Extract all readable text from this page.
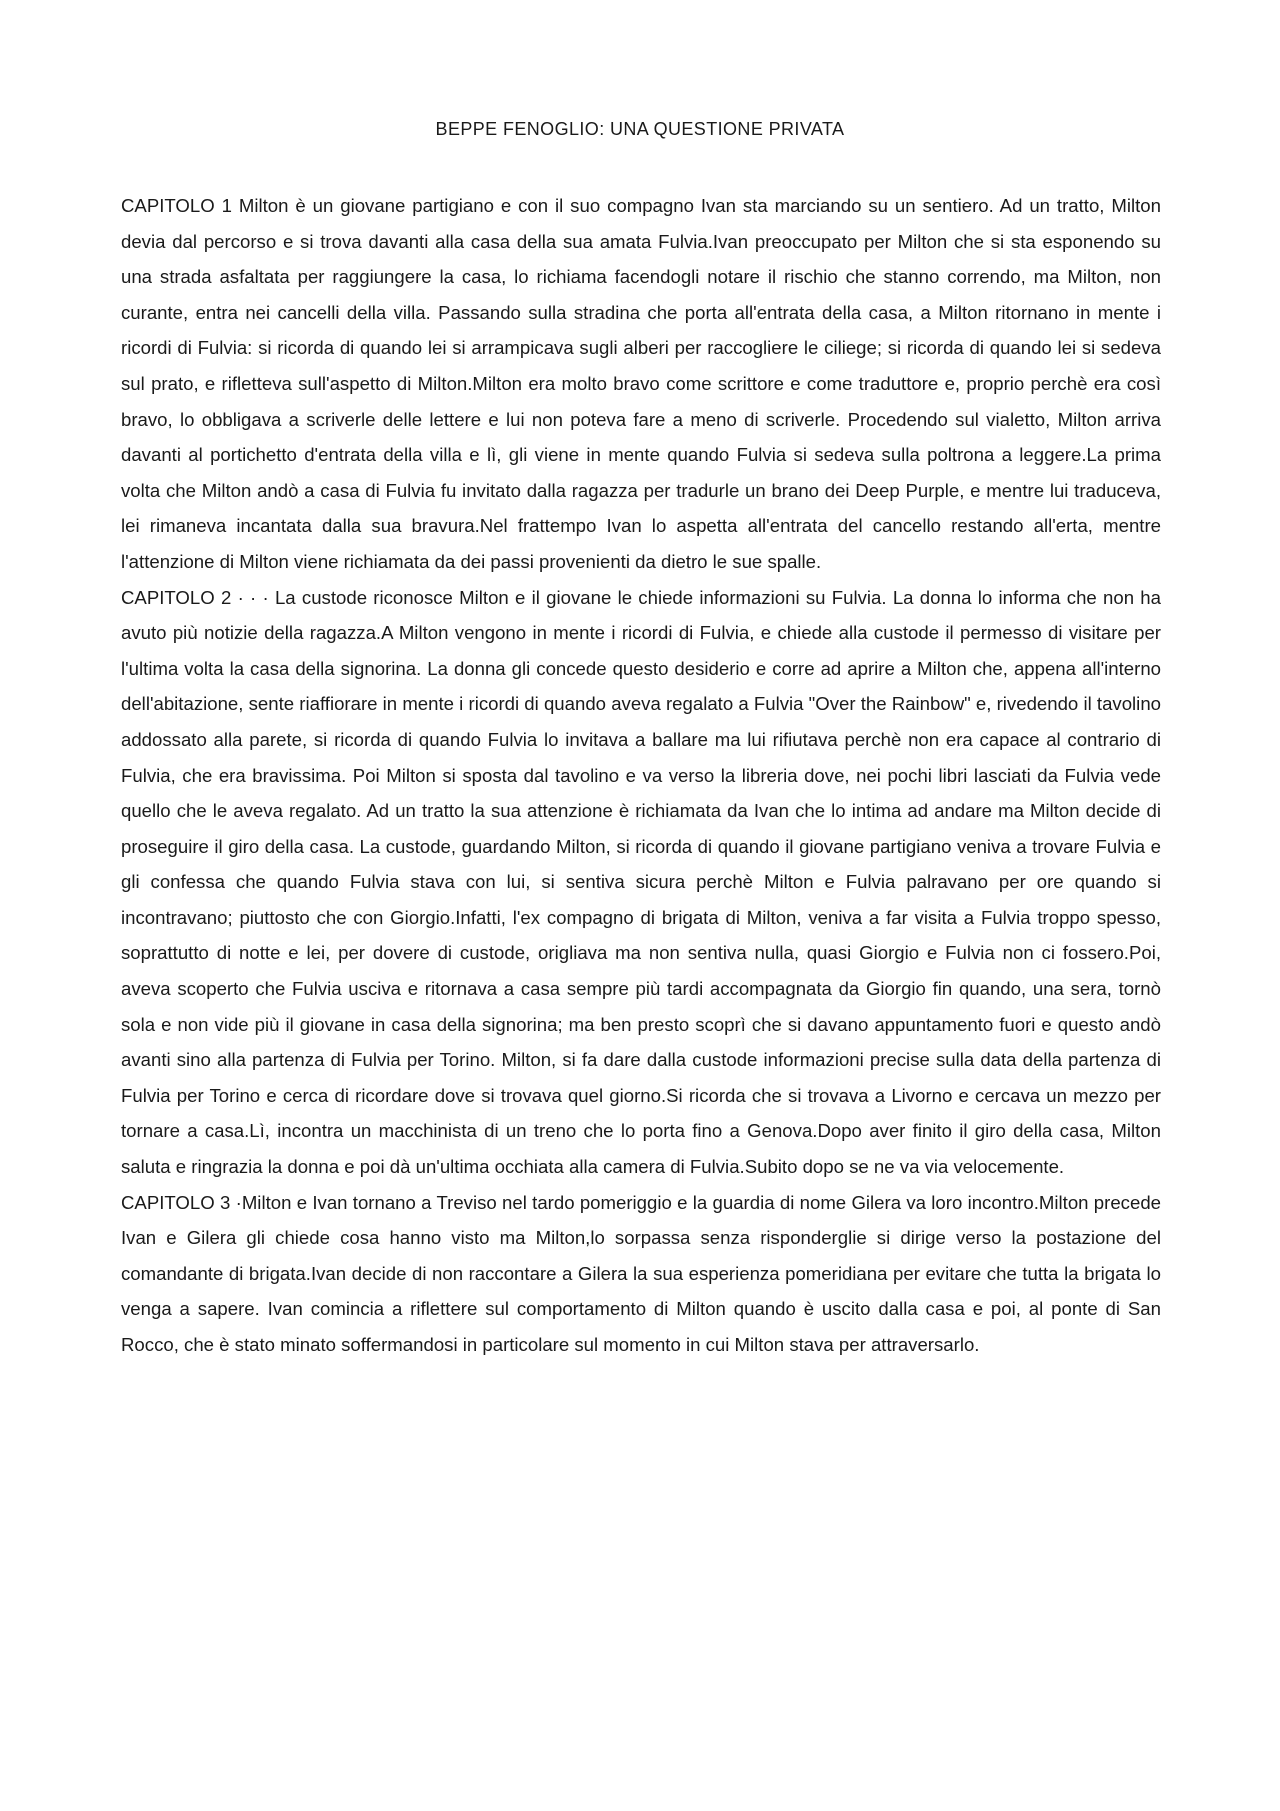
BEPPE FENOGLIO: UNA QUESTIONE PRIVATA

CAPITOLO 1 Milton è un giovane partigiano e con il suo compagno Ivan sta marciando su un sentiero. Ad un tratto, Milton devia dal percorso e si trova davanti alla casa della sua amata Fulvia.Ivan preoccupato per Milton che si sta esponendo su una strada asfaltata per raggiungere la casa, lo richiama facendogli notare il rischio che stanno correndo, ma Milton, non curante, entra nei cancelli della villa. Passando sulla stradina che porta all'entrata della casa, a Milton ritornano in mente i ricordi di Fulvia: si ricorda di quando lei si arrampicava sugli alberi per raccogliere le ciliege; si ricorda di quando lei si sedeva sul prato, e rifletteva sull'aspetto di Milton.Milton era molto bravo come scrittore e come traduttore e, proprio perchè era così bravo, lo obbligava a scriverle delle lettere e lui non poteva fare a meno di scriverle. Procedendo sul vialetto, Milton arriva davanti al portichetto d'entrata della villa e lì, gli viene in mente quando Fulvia si sedeva sulla poltrona a leggere.La prima volta che Milton andò a casa di Fulvia fu invitato dalla ragazza per tradurle un brano dei Deep Purple, e mentre lui traduceva, lei rimaneva incantata dalla sua bravura.Nel frattempo Ivan lo aspetta all'entrata del cancello restando all'erta, mentre l'attenzione di Milton viene richiamata da dei passi provenienti da dietro le sue spalle.

CAPITOLO 2 · · · La custode riconosce Milton e il giovane le chiede informazioni su Fulvia. La donna lo informa che non ha avuto più notizie della ragazza.A Milton vengono in mente i ricordi di Fulvia, e chiede alla custode il permesso di visitare per l'ultima volta la casa della signorina. La donna gli concede questo desiderio e corre ad aprire a Milton che, appena all'interno dell'abitazione, sente riaffiorare in mente i ricordi di quando aveva regalato a Fulvia "Over the Rainbow" e, rivedendo il tavolino addossato alla parete, si ricorda di quando Fulvia lo invitava a ballare ma lui rifiutava perchè non era capace al contrario di Fulvia, che era bravissima. Poi Milton si sposta dal tavolino e va verso la libreria dove, nei pochi libri lasciati da Fulvia vede quello che le aveva regalato. Ad un tratto la sua attenzione è richiamata da Ivan che lo intima ad andare ma Milton decide di proseguire il giro della casa. La custode, guardando Milton, si ricorda di quando il giovane partigiano veniva a trovare Fulvia e gli confessa che quando Fulvia stava con lui, si sentiva sicura perchè Milton e Fulvia palravano per ore quando si incontravano; piuttosto che con Giorgio.Infatti, l'ex compagno di brigata di Milton, veniva a far visita a Fulvia troppo spesso, soprattutto di notte e lei, per dovere di custode, origliava ma non sentiva nulla, quasi Giorgio e Fulvia non ci fossero.Poi, aveva scoperto che Fulvia usciva e ritornava a casa sempre più tardi accompagnata da Giorgio fin quando, una sera, tornò sola e non vide più il giovane in casa della signorina; ma ben presto scoprì che si davano appuntamento fuori e questo andò avanti sino alla partenza di Fulvia per Torino. Milton, si fa dare dalla custode informazioni precise sulla data della partenza di Fulvia per Torino e cerca di ricordare dove si trovava quel giorno.Si ricorda che si trovava a Livorno e cercava un mezzo per tornare a casa.Lì, incontra un macchinista di un treno che lo porta fino a Genova.Dopo aver finito il giro della casa, Milton saluta e ringrazia la donna e poi dà un'ultima occhiata alla camera di Fulvia.Subito dopo se ne va via velocemente.

CAPITOLO 3 ·Milton e Ivan tornano a Treviso nel tardo pomeriggio e la guardia di nome Gilera va loro incontro.Milton precede Ivan e Gilera gli chiede cosa hanno visto ma Milton,lo sorpassa senza risponderglie si dirige verso la postazione del comandante di brigata.Ivan decide di non raccontare a Gilera la sua esperienza pomeridiana per evitare che tutta la brigata lo venga a sapere. Ivan comincia a riflettere sul comportamento di Milton quando è uscito dalla casa e poi, al ponte di San Rocco, che è stato minato soffermandosi in particolare sul momento in cui Milton stava per attraversarlo.
